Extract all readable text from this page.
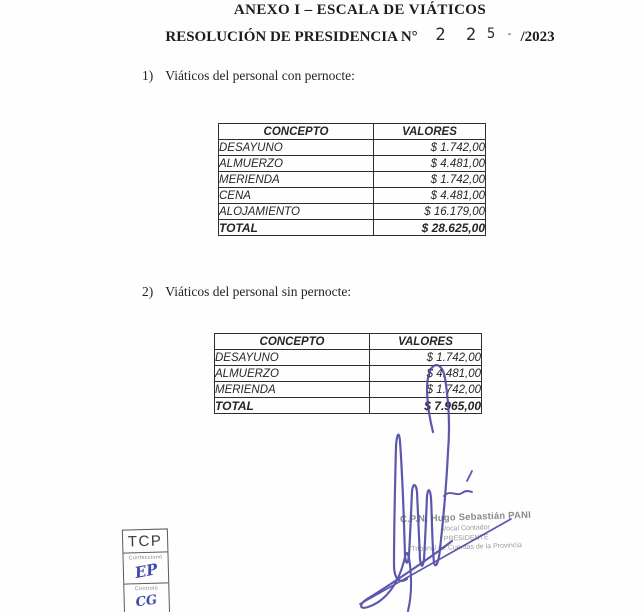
ANEXO I – ESCALA DE VIÁTICOS
RESOLUCIÓN DE PRESIDENCIA N° 2 2 5 - /2023
1) Viáticos del personal con pernocte:
CONCEPTO	VALORES
DESAYUNO	$ 1.742,00
ALMUERZO	$ 4.481,00
MERIENDA	$ 1.742,00
CENA	$ 4.481,00
ALOJAMIENTO	$ 16.179,00
TOTAL	$ 28.625,00
2) Viáticos del personal sin pernocte:
CONCEPTO	VALORES
DESAYUNO	$ 1.742,00
ALMUERZO	$ 4.481,00
MERIENDA	$ 1.742,00
TOTAL	$ 7.965,00
C.P.N. Hugo Sebastián PANI
Vocal Contador
PRESIDENTE
Tribunal de Cuentas de la Provincia
TCP
Confeccionó
EP
Controló
CG
